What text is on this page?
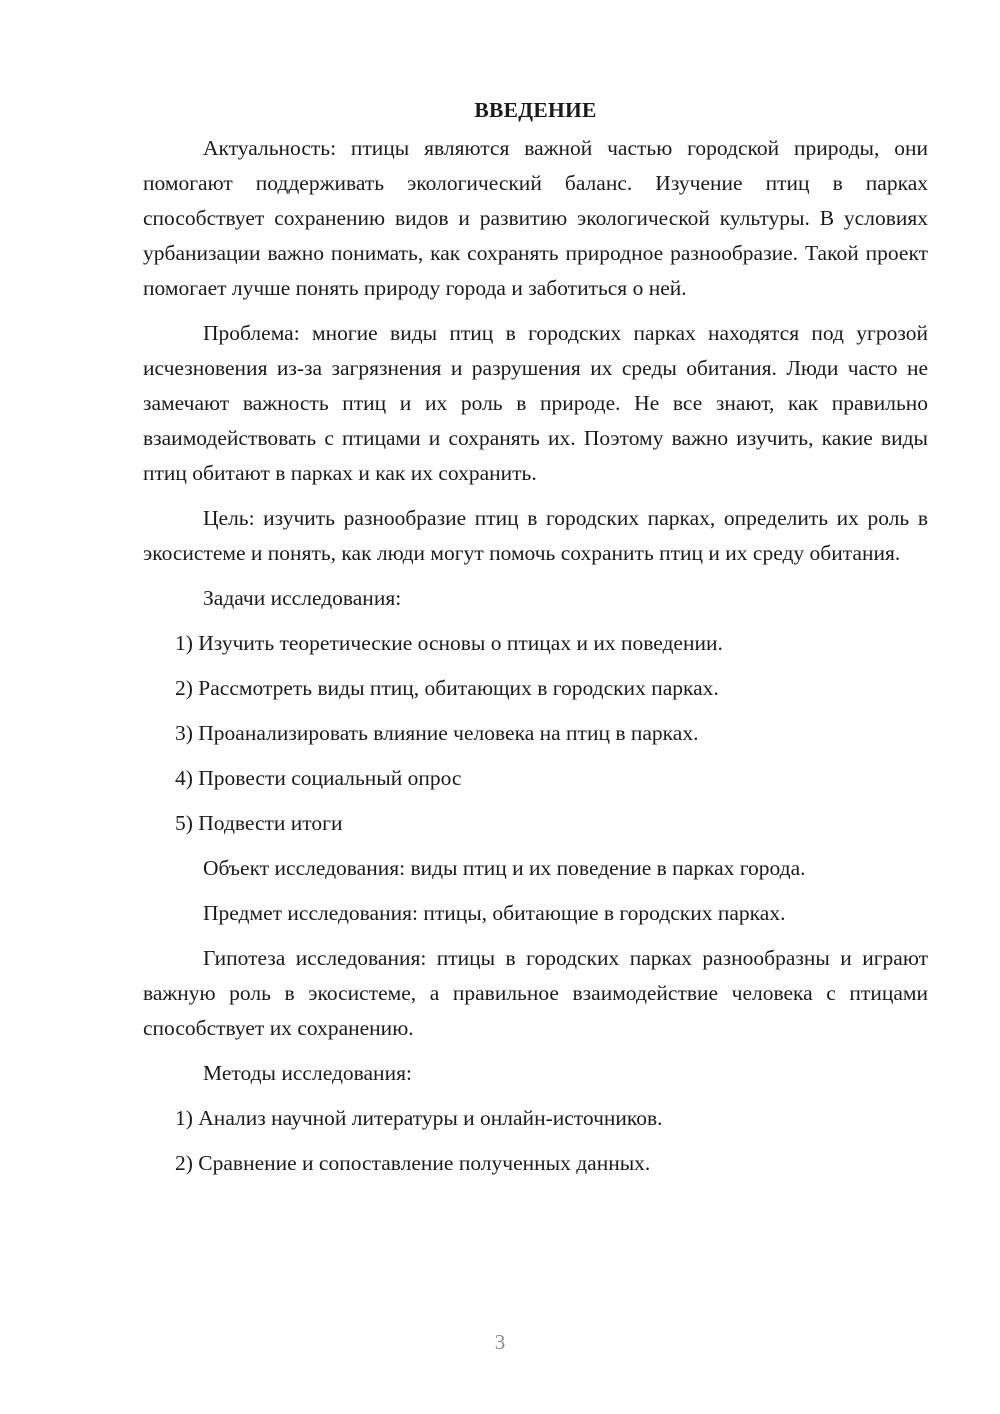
ВВЕДЕНИЕ

Актуальность: птицы являются важной частью городской природы, они помогают поддерживать экологический баланс. Изучение птиц в парках способствует сохранению видов и развитию экологической культуры. В условиях урбанизации важно понимать, как сохранять природное разнообразие. Такой проект помогает лучше понять природу города и заботиться о ней.

Проблема: многие виды птиц в городских парках находятся под угрозой исчезновения из-за загрязнения и разрушения их среды обитания. Люди часто не замечают важность птиц и их роль в природе. Не все знают, как правильно взаимодействовать с птицами и сохранять их. Поэтому важно изучить, какие виды птиц обитают в парках и как их сохранить.

Цель: изучить разнообразие птиц в городских парках, определить их роль в экосистеме и понять, как люди могут помочь сохранить птиц и их среду обитания.

Задачи исследования:

1) Изучить теоретические основы о птицах и их поведении.

2) Рассмотреть виды птиц, обитающих в городских парках.

3) Проанализировать влияние человека на птиц в парках.

4) Провести социальный опрос

5) Подвести итоги

Объект исследования: виды птиц и их поведение в парках города.

Предмет исследования: птицы, обитающие в городских парках.

Гипотеза исследования: птицы в городских парках разнообразны и играют важную роль в экосистеме, а правильное взаимодействие человека с птицами способствует их сохранению.

Методы исследования:

1) Анализ научной литературы и онлайн-источников.

2) Сравнение и сопоставление полученных данных.

3
